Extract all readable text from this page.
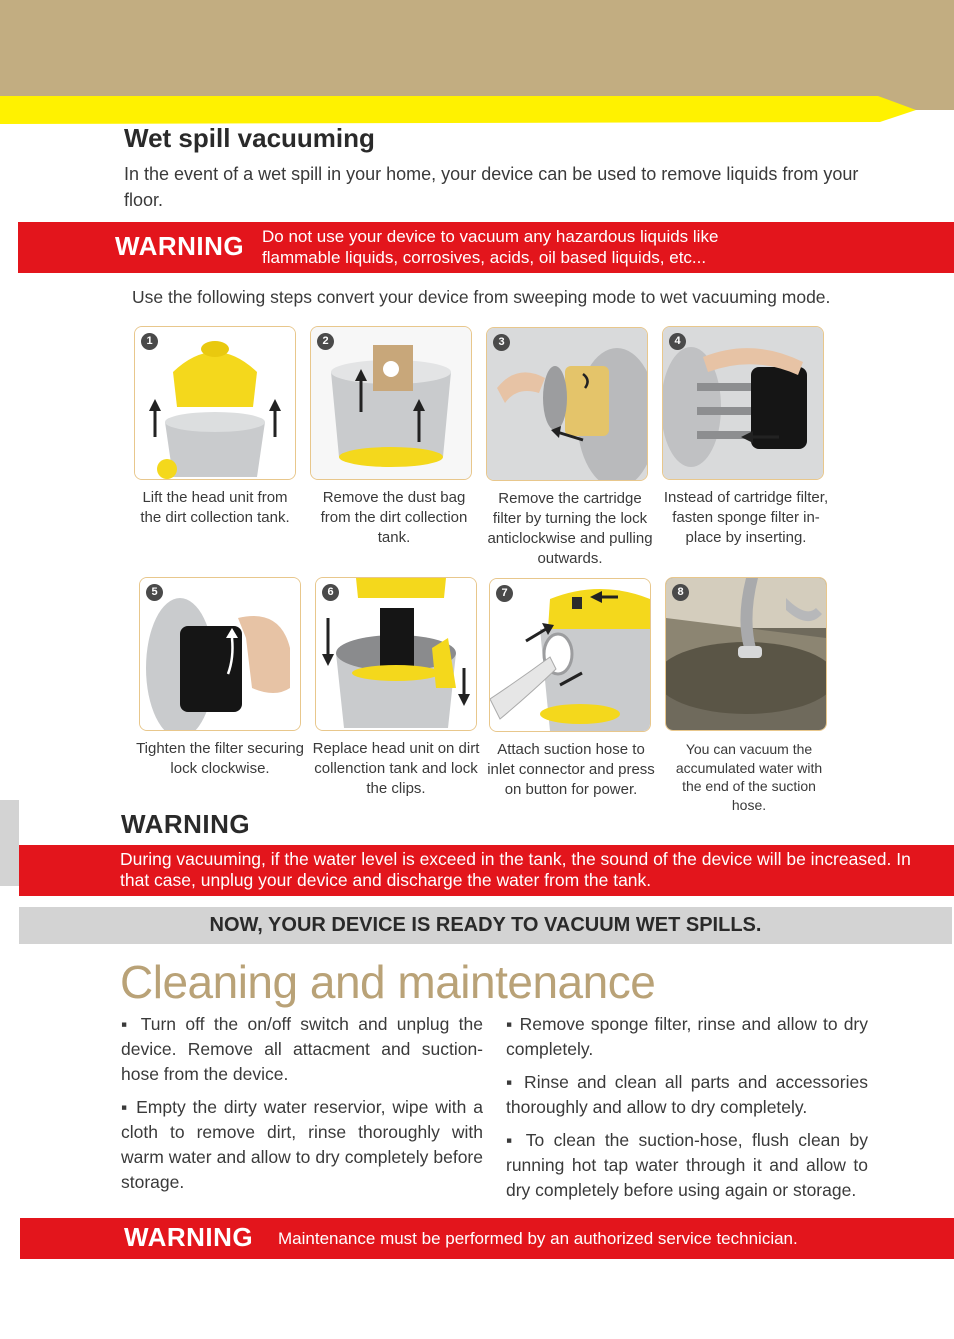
Wet spill vacuuming

In the event of a wet spill in your home, your device can be used to remove liquids from your floor.

WARNING Do not use your device to vacuum any hazardous liquids like flammable liquids, corrosives, acids, oil based liquids, etc...
Use the following steps convert your device from sweeping mode to wet vacuuming mode.
1
Lift the head unit from the dirt collection tank.
2
Remove the dust bag from the dirt collection tank.
3
Remove the cartridge filter by turning the lock anticlockwise and pulling outwards.
4
Instead of cartridge filter, fasten sponge filter in-place by inserting.
5
Tighten the filter securing lock clockwise.
6
Replace head unit on dirt collenction tank and lock the clips.
7
Attach suction hose to inlet connector and press on button for power.
8
You can vacuum the accumulated water with the end of the suction hose.
WARNING
During vacuuming, if the water level is exceed in the tank, the sound of the device will be increased. In that case, unplug your device and discharge the water from the tank.
NOW, YOUR DEVICE IS READY TO VACUUM WET SPILLS.
Cleaning and maintenance

▪ Turn off the on/off switch and unplug the device. Remove all attacment and suction-hose from the device.

▪ Empty the dirty water reservior, wipe with a cloth to remove dirt, rinse thoroughly with warm water and allow to dry completely before storage.

▪ Remove sponge filter, rinse and allow to dry completely.

▪ Rinse and clean all parts and accessories thoroughly and allow to dry completely.

▪ To clean the suction-hose, flush clean by running hot tap water through it and allow to dry completely before using again or storage.

WARNING Maintenance must be performed by an authorized service technician.
